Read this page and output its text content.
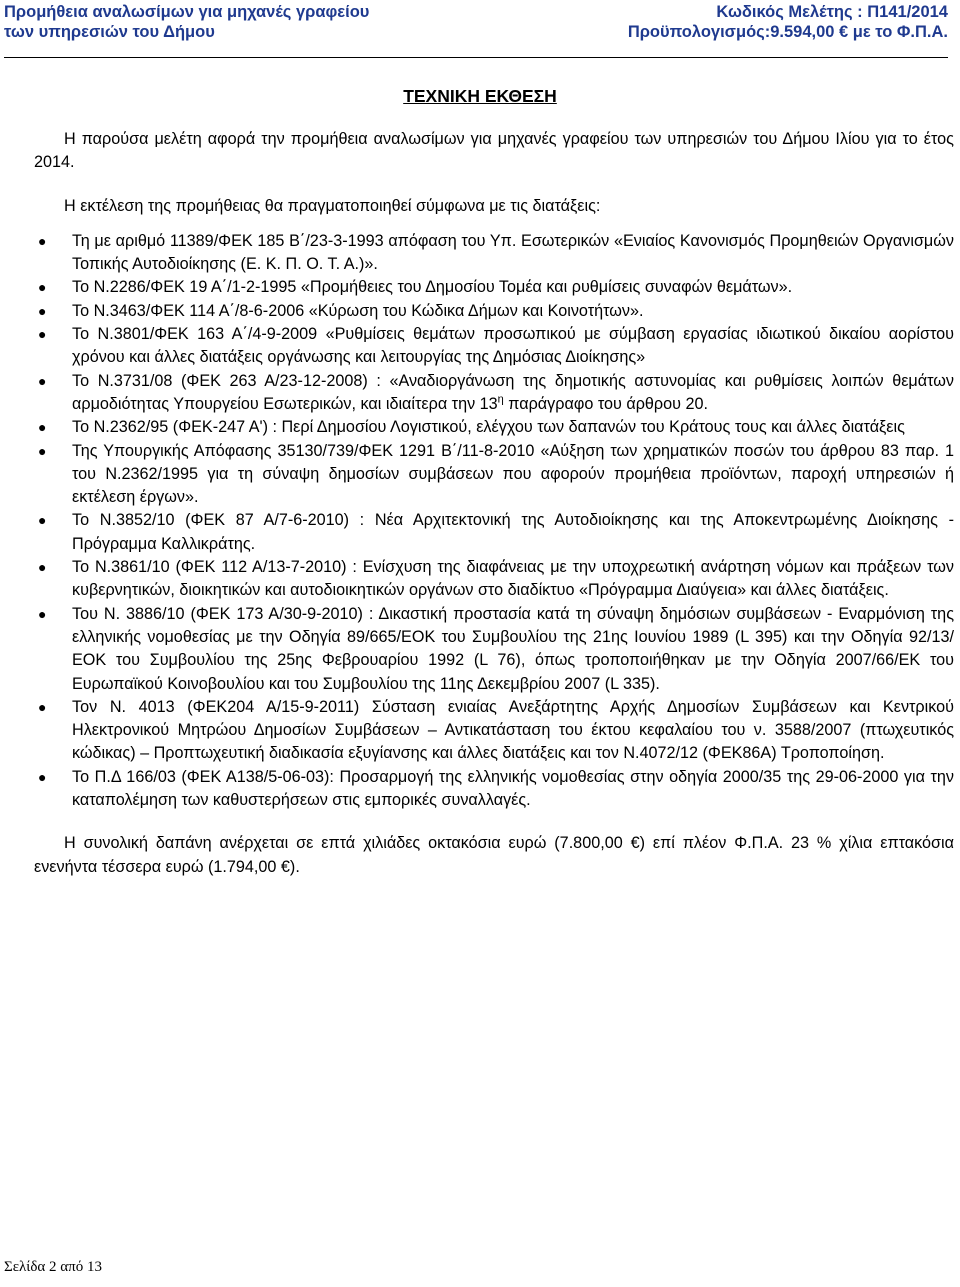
Προμήθεια αναλωσίμων για μηχανές γραφείου
των υπηρεσιών του Δήμου
Κωδικός Μελέτης : Π141/2014
Προϋπολογισμός:9.594,00 € με το Φ.Π.Α.
ΤΕΧΝΙΚΗ ΕΚΘΕΣΗ

Η παρούσα μελέτη αφορά την προμήθεια αναλωσίμων για μηχανές γραφείου των υπηρεσιών του Δήμου Ιλίου για το έτος 2014.

Η εκτέλεση της προμήθειας θα πραγματοποιηθεί σύμφωνα με τις διατάξεις:

● Τη με αριθμό 11389/ΦΕΚ 185 Β΄/23-3-1993 απόφαση του Υπ. Εσωτερικών «Ενιαίος Κανονισμός Προμηθειών Οργανισμών Τοπικής Αυτοδιοίκησης (Ε. Κ. Π. Ο. Τ. Α.)».
● Το Ν.2286/ΦΕΚ 19 Α΄/1-2-1995 «Προμήθειες του Δημοσίου Τομέα και ρυθμίσεις συναφών θεμάτων».
● Το Ν.3463/ΦΕΚ 114 Α΄/8-6-2006 «Κύρωση του Κώδικα Δήμων και Κοινοτήτων».
● Το Ν.3801/ΦΕΚ 163 Α΄/4-9-2009 «Ρυθμίσεις θεμάτων προσωπικού με σύμβαση εργασίας ιδιωτικού δικαίου αορίστου χρόνου και άλλες διατάξεις οργάνωσης και λειτουργίας της Δημόσιας Διοίκησης»
● Το Ν.3731/08 (ΦΕΚ 263 Α/23-12-2008) : «Αναδιοργάνωση της δημοτικής αστυνομίας και ρυθμίσεις λοιπών θεμάτων αρμοδιότητας Υπουργείου Εσωτερικών, και ιδιαίτερα την $13^\eta$ παράγραφο του άρθρου 20.
● Το Ν.2362/95 (ΦΕΚ-247 Α') : Περί Δημοσίου Λογιστικού, ελέγχου των δαπανών του Κράτους τους και άλλες διατάξεις
● Της Υπουργικής Απόφασης 35130/739/ΦΕΚ 1291 Β΄/11-8-2010 «Αύξηση των χρηματικών ποσών του άρθρου 83 παρ. 1 του Ν.2362/1995 για τη σύναψη δημοσίων συμβάσεων που αφορούν προμήθεια προϊόντων, παροχή υπηρεσιών ή εκτέλεση έργων».
● Το Ν.3852/10 (ΦΕΚ 87 Α/7-6-2010) : Νέα Αρχιτεκτονική της Αυτοδιοίκησης και της Αποκεντρωμένης Διοίκησης - Πρόγραμμα Καλλικράτης.
● Το Ν.3861/10 (ΦΕΚ 112 Α/13-7-2010) : Ενίσχυση της διαφάνειας με την υποχρεωτική ανάρτηση νόμων και πράξεων των κυβερνητικών, διοικητικών και αυτοδιοικητικών οργάνων στο διαδίκτυο «Πρόγραμμα Διαύγεια» και άλλες διατάξεις.
● Του Ν. 3886/10 (ΦΕΚ 173 Α/30-9-2010) : Δικαστική προστασία κατά τη σύναψη δημόσιων συμβάσεων - Εναρμόνιση της ελληνικής νομοθεσίας με την Οδηγία 89/665/ΕΟΚ του Συμβουλίου της 21ης Ιουνίου 1989 (L 395) και την Οδηγία 92/13/ΕΟΚ του Συμβουλίου της 25ης Φεβρουαρίου 1992 (L 76), όπως τροποποιήθηκαν με την Οδηγία 2007/66/ΕΚ του Ευρωπαϊκού Κοινοβουλίου και του Συμβουλίου της 11ης Δεκεμβρίου 2007 (L 335).
● Τον Ν. 4013 (ΦΕΚ204 Α/15-9-2011) Σύσταση ενιαίας Ανεξάρτητης Αρχής Δημοσίων Συμβάσεων και Κεντρικού Ηλεκτρονικού Μητρώου Δημοσίων Συμβάσεων – Αντικατάσταση του έκτου κεφαλαίου του ν. 3588/2007 (πτωχευτικός κώδικας) – Προπτωχευτική διαδικασία εξυγίανσης και άλλες διατάξεις και τον Ν.4072/12 (ΦΕΚ86Α) Τροποποίηση.
● Το Π.Δ 166/03 (ΦΕΚ Α138/5-06-03): Προσαρμογή της ελληνικής νομοθεσίας στην οδηγία 2000/35 της 29-06-2000 για την καταπολέμηση των καθυστερήσεων στις εμπορικές συναλλαγές.

Η συνολική δαπάνη ανέρχεται σε επτά χιλιάδες οκτακόσια ευρώ (7.800,00 €) επί πλέον Φ.Π.Α. 23 % χίλια επτακόσια ενενήντα τέσσερα ευρώ (1.794,00 €).

Σελίδα 2 από 13
